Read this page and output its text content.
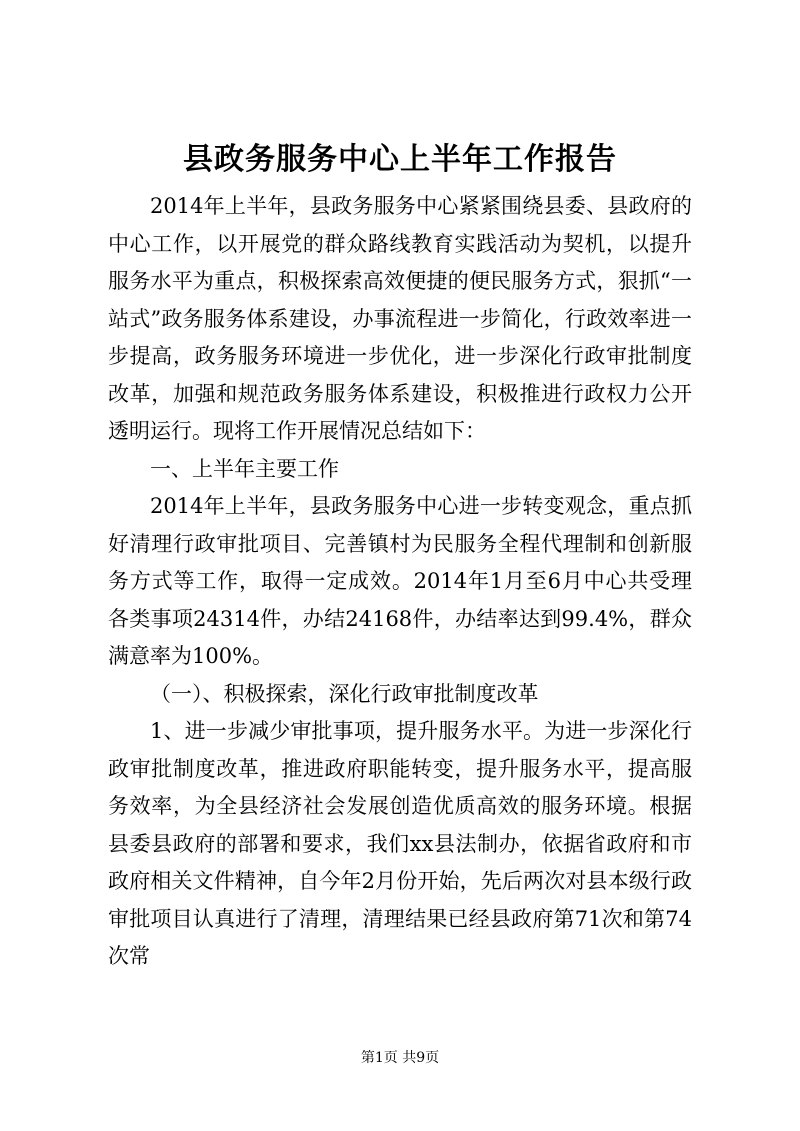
县政务服务中心上半年工作报告

2014年上半年，县政务服务中心紧紧围绕县委、县政府的中心工作，以开展党的群众路线教育实践活动为契机，以提升服务水平为重点，积极探索高效便捷的便民服务方式，狠抓“一站式”政务服务体系建设，办事流程进一步简化，行政效率进一步提高，政务服务环境进一步优化，进一步深化行政审批制度改革，加强和规范政务服务体系建设，积极推进行政权力公开透明运行。现将工作开展情况总结如下：

一、上半年主要工作

2014年上半年，县政务服务中心进一步转变观念，重点抓好清理行政审批项目、完善镇村为民服务全程代理制和创新服务方式等工作，取得一定成效。2014年1月至6月中心共受理各类事项24314件，办结24168件，办结率达到99.4%，群众满意率为100%。

（一）、积极探索，深化行政审批制度改革

1、进一步减少审批事项，提升服务水平。为进一步深化行政审批制度改革，推进政府职能转变，提升服务水平，提高服务效率，为全县经济社会发展创造优质高效的服务环境。根据县委县政府的部署和要求，我们xx县法制办，依据省政府和市政府相关文件精神，自今年2月份开始，先后两次对县本级行政审批项目认真进行了清理，清理结果已经县政府第71次和第74次常

第1页 共9页
